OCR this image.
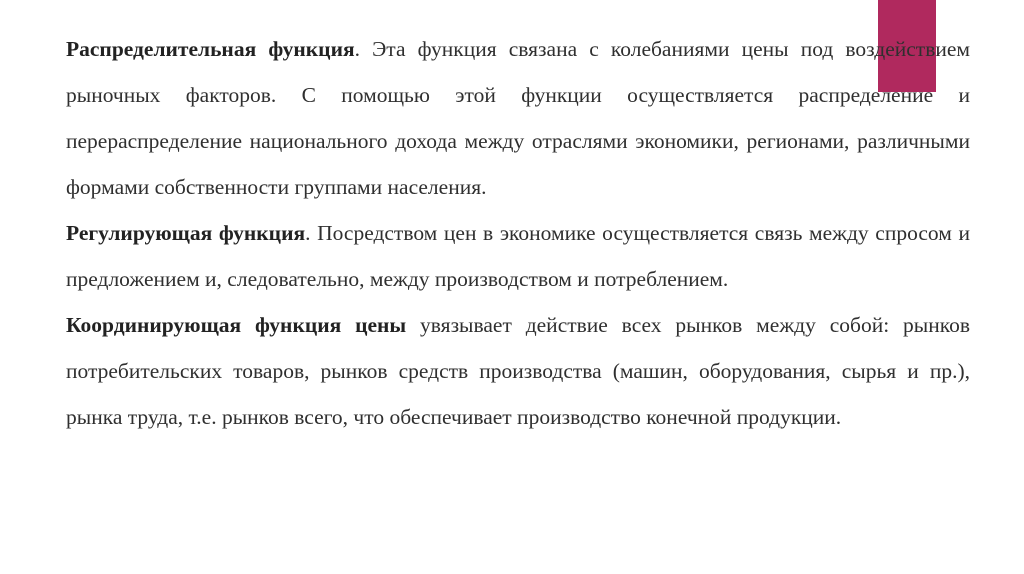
Распределительная функция. Эта функция связана с колебаниями цены под воздействием рыночных факторов. С помощью этой функции осуществляется распределение и перераспределение национального дохода между отраслями экономики, регионами, различными формами собственности группами населения.

Регулирующая функция. Посредством цен в экономике осуществляется связь между спросом и предложением и, следовательно, между производством и потреблением.

Координирующая функция цены увязывает действие всех рынков между собой: рынков потребительских товаров, рынков средств производства (машин, оборудования, сырья и пр.), рынка труда, т.е. рынков всего, что обеспечивает производство конечной продукции.
